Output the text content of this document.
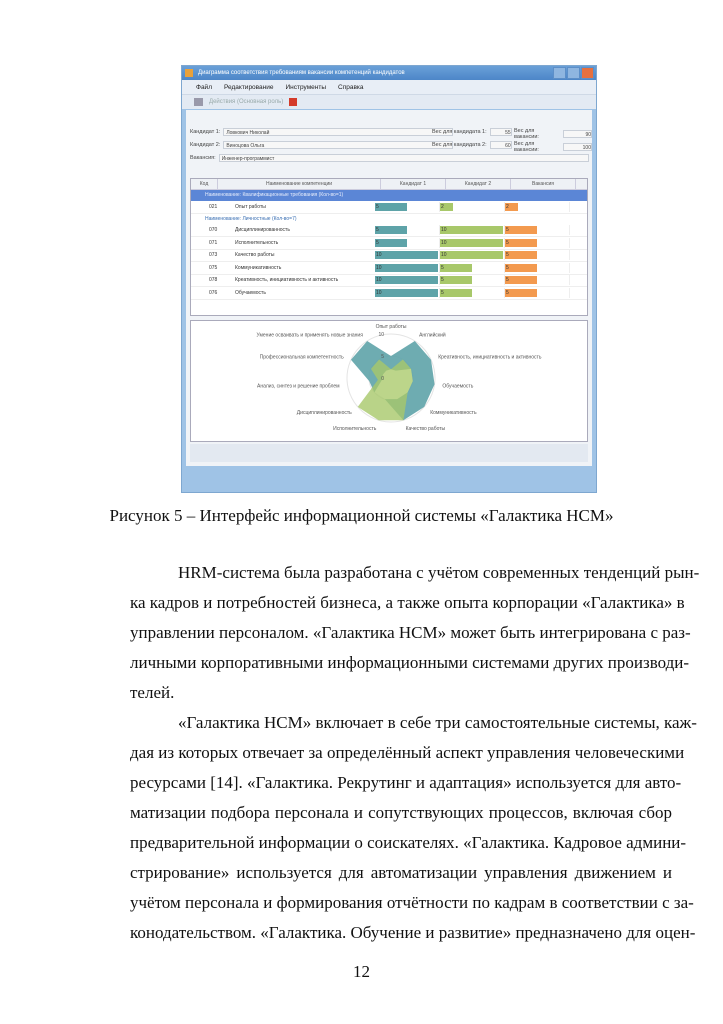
Диаграмма соответствия требованиям вакансии компетенций кандидатов
Файл Редактирование Инструменты Справка
Действия (Основная роль)
Кандидат 1:	Ловкович Николай
Кандидат 2:	Виноцова Ольга
Вакансия:	Инженер-программист
Вес для кандидата 1:	55
Вес для кандидата 2:	60
Вес для вакансии:	90
Вес для вакансии:	100
Код	Наименование компетенции	Кандидат 1	Кандидат 2	Вакансия
Наименование: Квалификационные требования (Кол-во=1)
021	Опыт работы	5	2	2
Наименование: Личностные (Кол-во=7)
070	Дисциплинированность	5	10	5
071	Исполнительность	5	10	5
073	Качество работы	10	10	5
075	Коммуникативность	10	5	5
078	Креативность, инициативность и активность	10	5	5
076	Обучаемость	10	5	5
10
5
0
Опыт работы
Английский
Креативность, инициативность и активность
Обучаемость
Коммуникативность
Качество работы
Исполнительность
Дисциплинированность
Анализ, синтез и решение проблем
Профессиональная компетентность
Умение осваивать и применять новые знания
Рисунок 5 – Интерфейс информационной системы «Галактика HCM»
HRM-система была разработана с учётом современных тенденций рын-
ка кадров и потребностей бизнеса, а также опыта корпорации «Галактика» в
управлении персоналом. «Галактика HCM» может быть интегрирована с раз-
личными корпоративными информационными системами других производи-
телей.
«Галактика HCM» включает в себе три самостоятельные системы, каж-
дая из которых отвечает за определённый аспект управления человеческими
ресурсами [14]. «Галактика. Рекрутинг и адаптация» используется для авто-
матизации подбора персонала и сопутствующих процессов, включая сбор
предварительной информации о соискателях. «Галактика. Кадровое админи-
стрирование» используется для автоматизации управления движением и
учётом персонала и формирования отчётности по кадрам в соответствии с за-
конодательством. «Галактика. Обучение и развитие» предназначено для оцен-
12
